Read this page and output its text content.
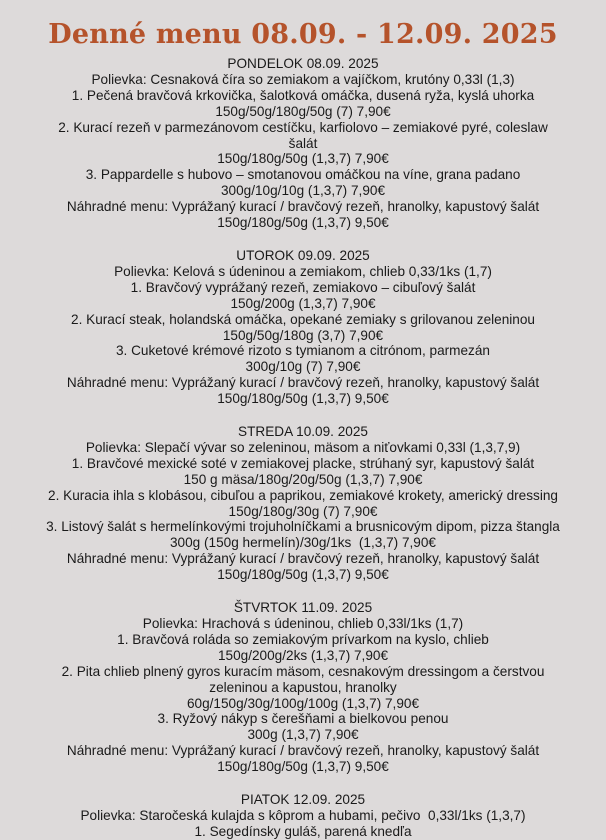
Denné menu 08.09. - 12.09. 2025
PONDELOK 08.09. 2025
Polievka: Cesnaková číra so zemiakom a vajíčkom, krutóny 0,33l (1,3)
1. Pečená bravčová krkovička, šalotková omáčka, dusená ryža, kyslá uhorka
150g/50g/180g/50g (7) 7,90€
2. Kurací rezeň v parmezánovom cestíčku, karfiolovo – zemiakové pyré, coleslaw
šalát
150g/180g/50g (1,3,7) 7,90€
3. Pappardelle s hubovo – smotanovou omáčkou na víne, grana padano
300g/10g/10g (1,3,7) 7,90€
Náhradné menu: Vyprážaný kurací / bravčový rezeň, hranolky, kapustový šalát
150g/180g/50g (1,3,7) 9,50€
UTOROK 09.09. 2025
Polievka: Kelová s údeninou a zemiakom, chlieb 0,33/1ks (1,7)
1. Bravčový vyprážaný rezeň, zemiakovo – cibuľový šalát
150g/200g (1,3,7) 7,90€
2. Kurací steak, holandská omáčka, opekané zemiaky s grilovanou zeleninou
150g/50g/180g (3,7) 7,90€
3. Cuketové krémové rizoto s tymianom a citrónom, parmezán
300g/10g (7) 7,90€
Náhradné menu: Vyprážaný kurací / bravčový rezeň, hranolky, kapustový šalát
150g/180g/50g (1,3,7) 9,50€
STREDA 10.09. 2025
Polievka: Slepačí vývar so zeleninou, mäsom a niťovkami 0,33l (1,3,7,9)
1. Bravčové mexické soté v zemiakovej placke, strúhaný syr, kapustový šalát
150 g mäsa/180g/20g/50g (1,3,7) 7,90€
2. Kuracia ihla s klobásou, cibuľou a paprikou, zemiakové krokety, americký dressing
150g/180g/30g (7) 7,90€
3. Listový šalát s hermelínkovými trojuholníčkami a brusnicovým dipom, pizza štangla
300g (150g hermelín)/30g/1ks  (1,3,7) 7,90€
Náhradné menu: Vyprážaný kurací / bravčový rezeň, hranolky, kapustový šalát
150g/180g/50g (1,3,7) 9,50€
ŠTVRTOK 11.09. 2025
Polievka: Hrachová s údeninou, chlieb 0,33l/1ks (1,7)
1. Bravčová roláda so zemiakovým prívarkom na kyslo, chlieb
150g/200g/2ks (1,3,7) 7,90€
2. Pita chlieb plnený gyros kuracím mäsom, cesnakovým dressingom a čerstvou
zeleninou a kapustou, hranolky
60g/150g/30g/100g/100g (1,3,7) 7,90€
3. Ryžový nákyp s čerešňami a bielkovou penou
300g (1,3,7) 7,90€
Náhradné menu: Vyprážaný kurací / bravčový rezeň, hranolky, kapustový šalát
150g/180g/50g (1,3,7) 9,50€
PIATOK 12.09. 2025
Polievka: Staročeská kulajda s kôprom a hubami, pečivo  0,33l/1ks (1,3,7)
1. Segedínsky guláš, parená knedľa
